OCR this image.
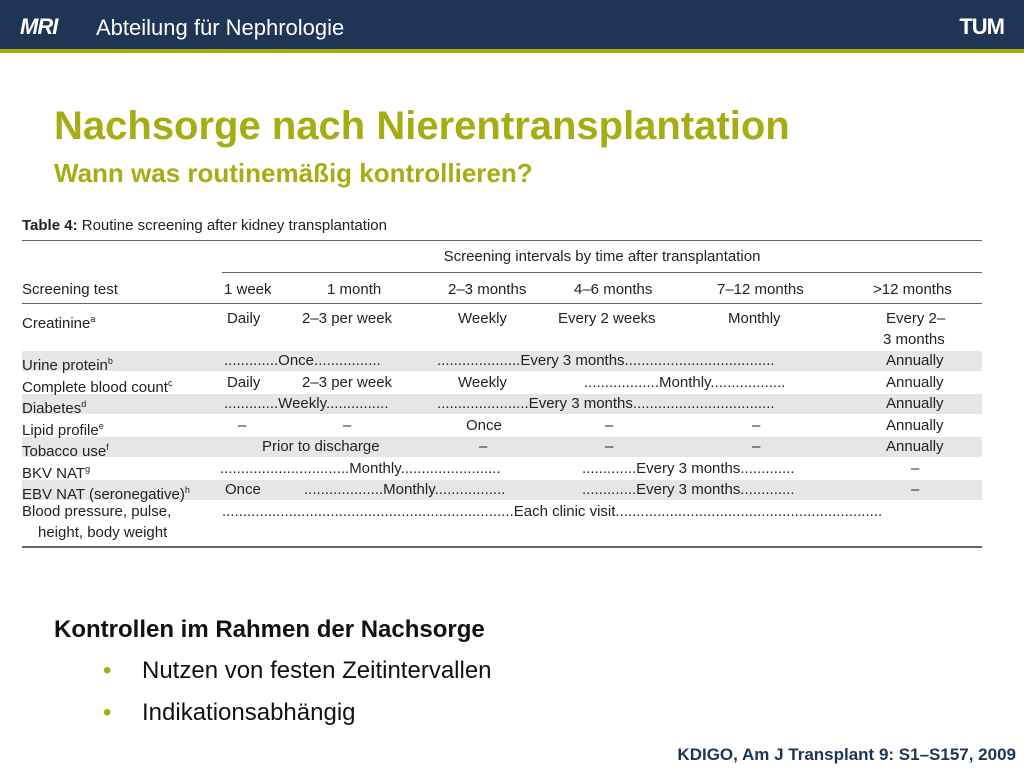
MRI Abteilung für Nephrologie	TUM
Nachsorge nach Nierentransplantation
Wann was routinemäßig kontrollieren?
Table 4: Routine screening after kidney transplantation
Screening intervals by time after transplantation
Screening test	1 week	1 month	2–3 months	4–6 months	7–12 months	>12 months
Creatinine$^a$	Daily	2–3 per week	Weekly	Every 2 weeks	Monthly	Every 2–
3 months
Urine protein$^b$	.............Once................	....................Every 3 months....................................	Annually
Complete blood count$^c$	Daily	2–3 per week	Weekly	..................Monthly..................	Annually
Diabetes$^d$	.............Weekly...............	......................Every 3 months..................................	Annually
Lipid profile$^e$	–	–	Once	–	–	Annually
Tobacco use$^f$	Prior to discharge	–	–	–	Annually
BKV NAT$^g$	...............................Monthly........................	.............Every 3 months.............	–
EBV NAT (seronegative)$^h$ Once	...................Monthly.................	.............Every 3 months.............	–
Blood pressure, pulse,
height, body weight
......................................................................Each clinic visit................................................................
Kontrollen im Rahmen der Nachsorge
• Nutzen von festen Zeitintervallen
• Indikationsabhängig
KDIGO, Am J Transplant 9: S1–S157, 2009
